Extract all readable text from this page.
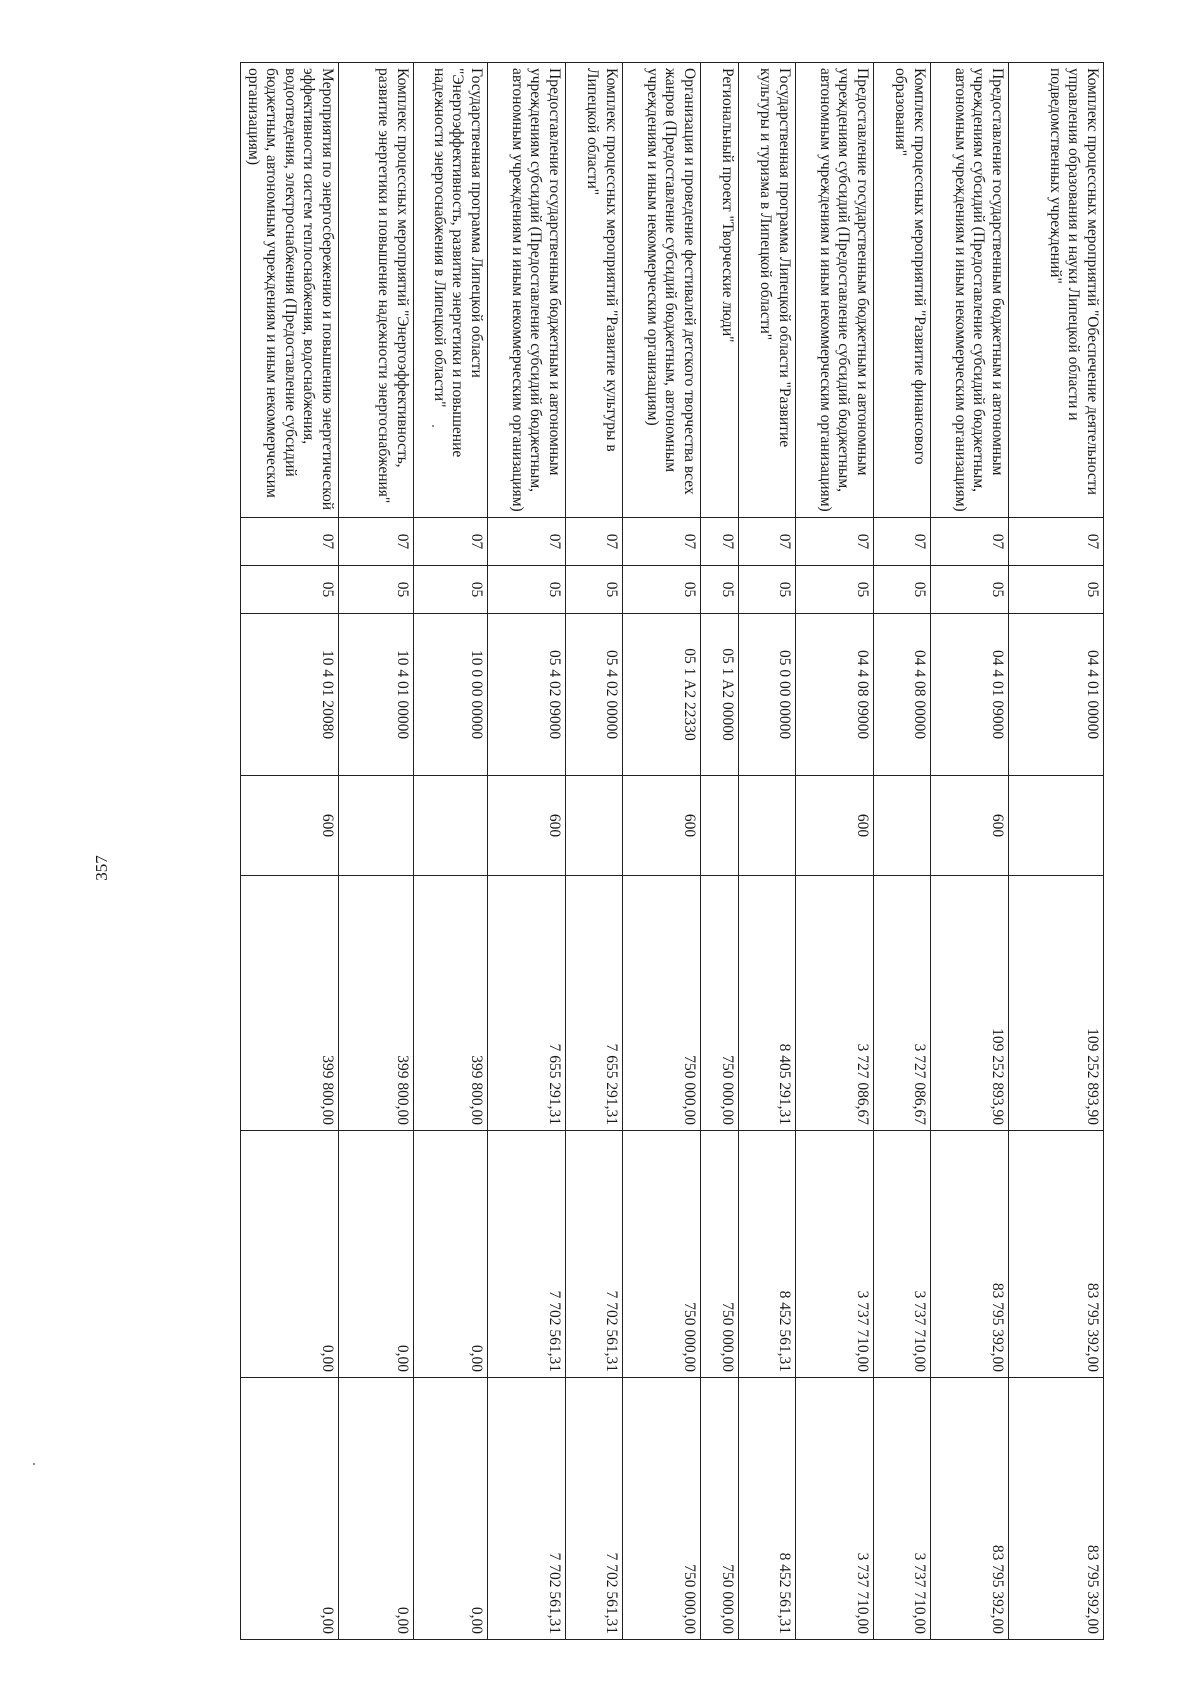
357
Комплекс процессных мероприятий "Обеспечение деятельности управления образования и науки Липецкой области и подведомственных учреждений"	07	05	04 4 01 00000		109 252 893,90	83 795 392,00	83 795 392,00
Предоставление государственным бюджетным и автономным учреждениям субсидий (Предоставление субсидий бюджетным, автономным учреждениям и иным некоммерческим организациям)	07	05	04 4 01 09000	600	109 252 893,90	83 795 392,00	83 795 392,00
Комплекс процессных мероприятий "Развитие финансового образования"	07	05	04 4 08 00000		3 727 086,67	3 737 710,00	3 737 710,00
Предоставление государственным бюджетным и автономным учреждениям субсидий (Предоставление субсидий бюджетным, автономным учреждениям и иным некоммерческим организациям)	07	05	04 4 08 09000	600	3 727 086,67	3 737 710,00	3 737 710,00
Государственная программа Липецкой области "Развитие культуры и туризма в Липецкой области"	07	05	05 0 00 00000		8 405 291,31	8 452 561,31	8 452 561,31
Региональный проект "Творческие люди"	07	05	05 1 А2 00000		750 000,00	750 000,00	750 000,00
Организация и проведение фестивалей детского творчества всех жанров (Предоставление субсидий бюджетным, автономным учреждениям и иным некоммерческим организациям)	07	05	05 1 А2 22330	600	750 000,00	750 000,00	750 000,00
Комплекс процессных мероприятий "Развитие культуры в Липецкой области"	07	05	05 4 02 00000		7 655 291,31	7 702 561,31	7 702 561,31
Предоставление государственным бюджетным и автономным учреждениям субсидий (Предоставление субсидий бюджетным, автономным учреждениям и иным некоммерческим организациям)	07	05	05 4 02 09000	600	7 655 291,31	7 702 561,31	7 702 561,31
Государственная программа Липецкой области "Энергоэффективность, развитие энергетики и повышение надежности энергоснабжения в Липецкой области"	07	05	10 0 00 00000		399 800,00	0,00	0,00
Комплекс процессных мероприятий "Энергоэффективность, развитие энергетики и повышение надежности энергоснабжения"	07	05	10 4 01 00000		399 800,00	0,00	0,00
Мероприятия по энергосбережению и повышению энергетической эффективности систем теплоснабжения, водоснабжения, водоотведения, электроснабжения (Предоставление субсидий бюджетным, автономным учреждениям и иным некоммерческим организациям)	07	05	10 4 01 20080	600	399 800,00	0,00	0,00
